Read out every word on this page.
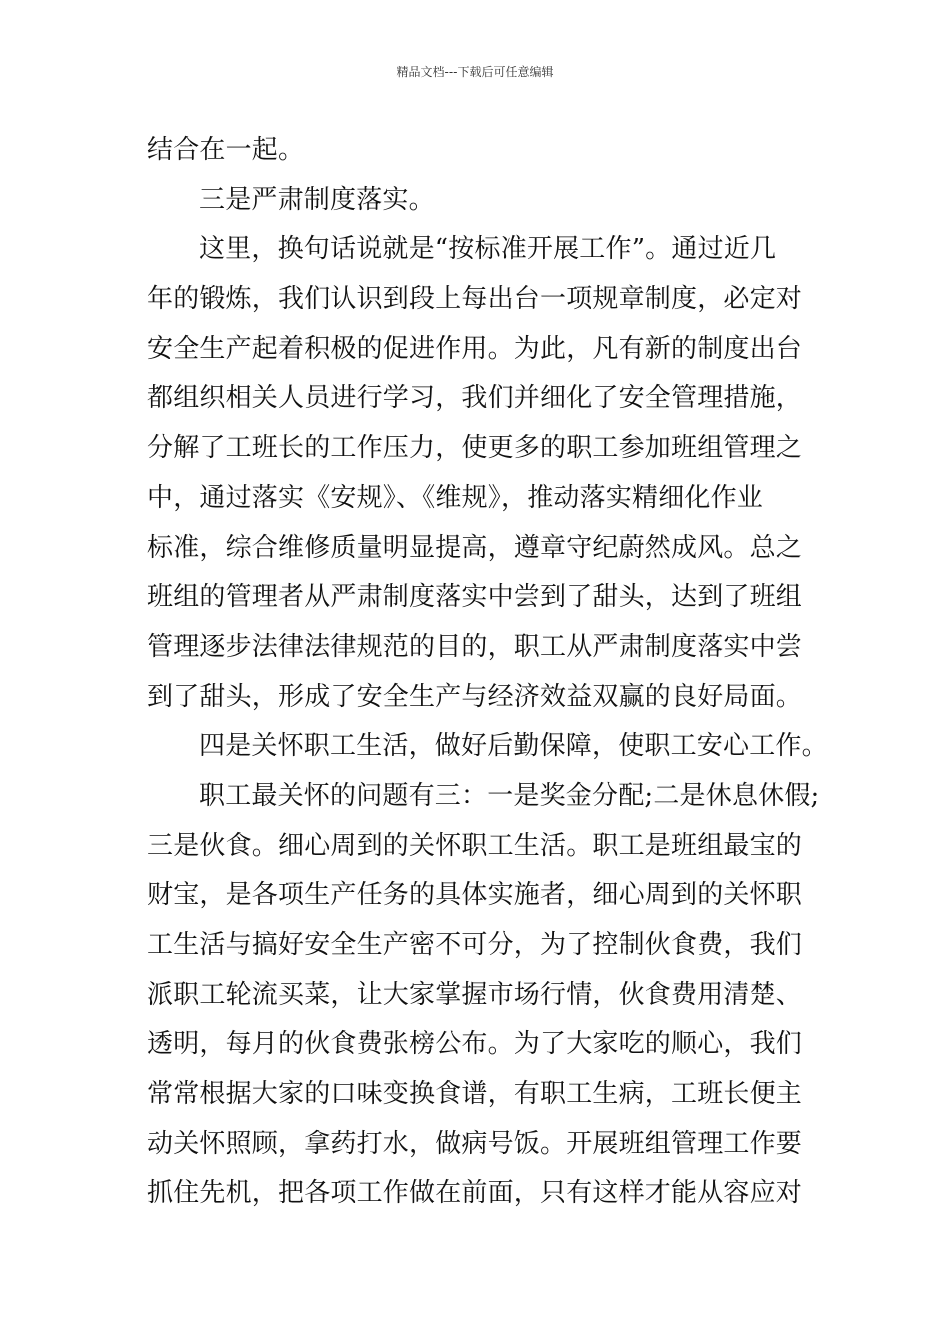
精品文档---下载后可任意编辑
结合在一起。
三是严肃制度落实。
这里，换句话说就是“按标准开展工作”。通过近几
年的锻炼，我们认识到段上每出台一项规章制度，必定对
安全生产起着积极的促进作用。为此，凡有新的制度出台
都组织相关人员进行学习，我们并细化了安全管理措施，
分解了工班长的工作压力，使更多的职工参加班组管理之
中，通过落实《安规》、《维规》，推动落实精细化作业
标准，综合维修质量明显提高，遵章守纪蔚然成风。总之
班组的管理者从严肃制度落实中尝到了甜头，达到了班组
管理逐步法律法律规范的目的，职工从严肃制度落实中尝
到了甜头，形成了安全生产与经济效益双赢的良好局面。
四是关怀职工生活，做好后勤保障，使职工安心工作。
职工最关怀的问题有三：一是奖金分配;二是休息休假;
三是伙食。细心周到的关怀职工生活。职工是班组最宝的
财宝，是各项生产任务的具体实施者，细心周到的关怀职
工生活与搞好安全生产密不可分，为了控制伙食费，我们
派职工轮流买菜，让大家掌握市场行情，伙食费用清楚、
透明，每月的伙食费张榜公布。为了大家吃的顺心，我们
常常根据大家的口味变换食谱，有职工生病，工班长便主
动关怀照顾，拿药打水，做病号饭。开展班组管理工作要
抓住先机，把各项工作做在前面，只有这样才能从容应对
